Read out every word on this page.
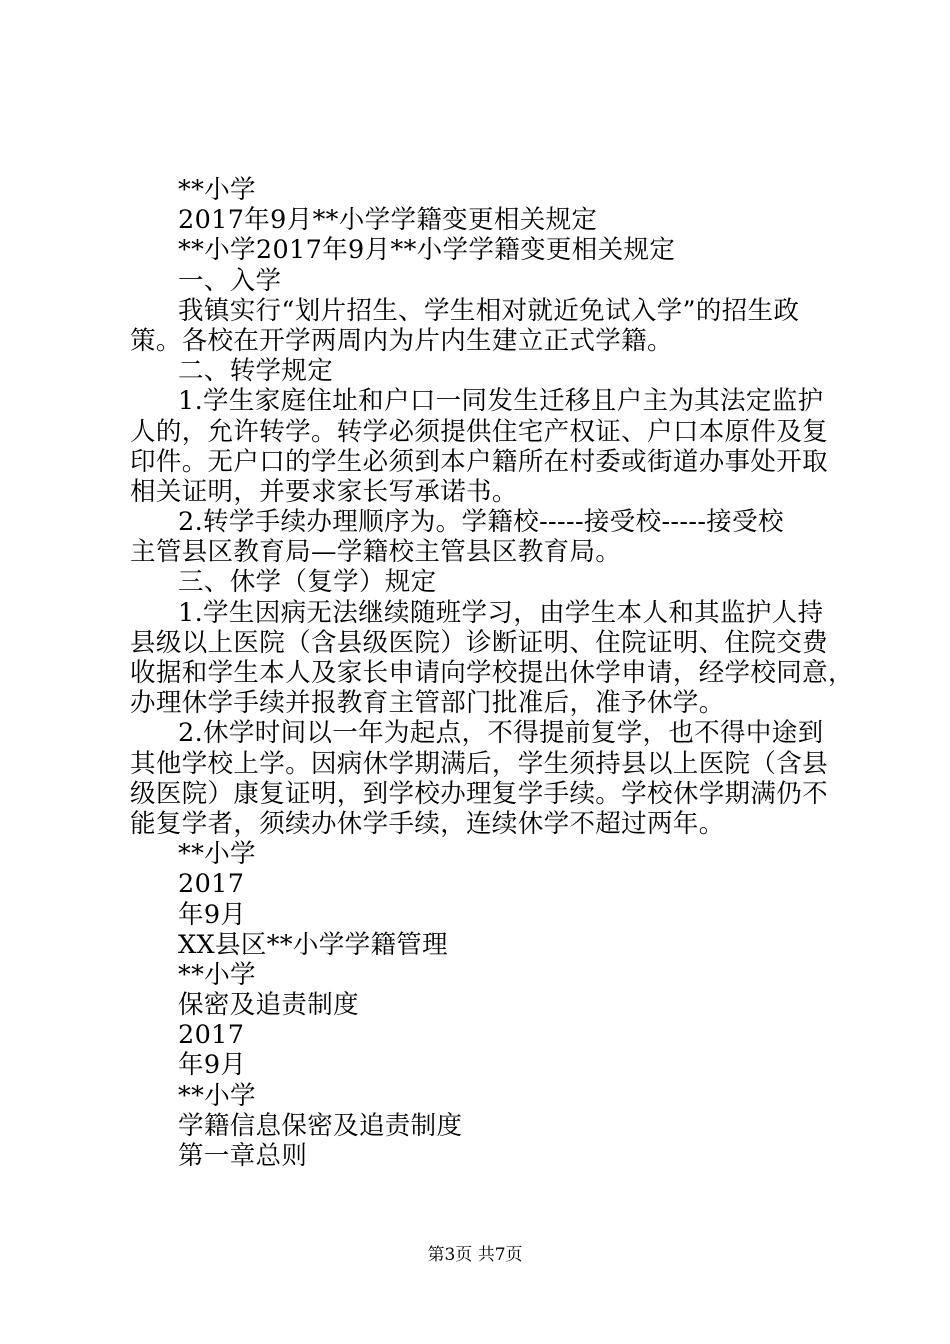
**小学
2017年9月**小学学籍变更相关规定
**小学2017年9月**小学学籍变更相关规定
一、入学
我镇实行“划片招生、学生相对就近免试入学”的招生政
策。各校在开学两周内为片内生建立正式学籍。
二、转学规定
1.学生家庭住址和户口一同发生迁移且户主为其法定监护
人的，允许转学。转学必须提供住宅产权证、户口本原件及复
印件。无户口的学生必须到本户籍所在村委或街道办事处开取
相关证明，并要求家长写承诺书。
2.转学手续办理顺序为。学籍校-----接受校-----接受校
主管县区教育局—学籍校主管县区教育局。
三、休学（复学）规定
1.学生因病无法继续随班学习，由学生本人和其监护人持
县级以上医院（含县级医院）诊断证明、住院证明、住院交费
收据和学生本人及家长申请向学校提出休学申请，经学校同意，
办理休学手续并报教育主管部门批准后，准予休学。
2.休学时间以一年为起点，不得提前复学，也不得中途到
其他学校上学。因病休学期满后，学生须持县以上医院（含县
级医院）康复证明，到学校办理复学手续。学校休学期满仍不
能复学者，须续办休学手续，连续休学不超过两年。
**小学
2017
年9月
XX县区**小学学籍管理
**小学
保密及追责制度
2017
年9月
**小学
学籍信息保密及追责制度
第一章总则
第3页 共7页
